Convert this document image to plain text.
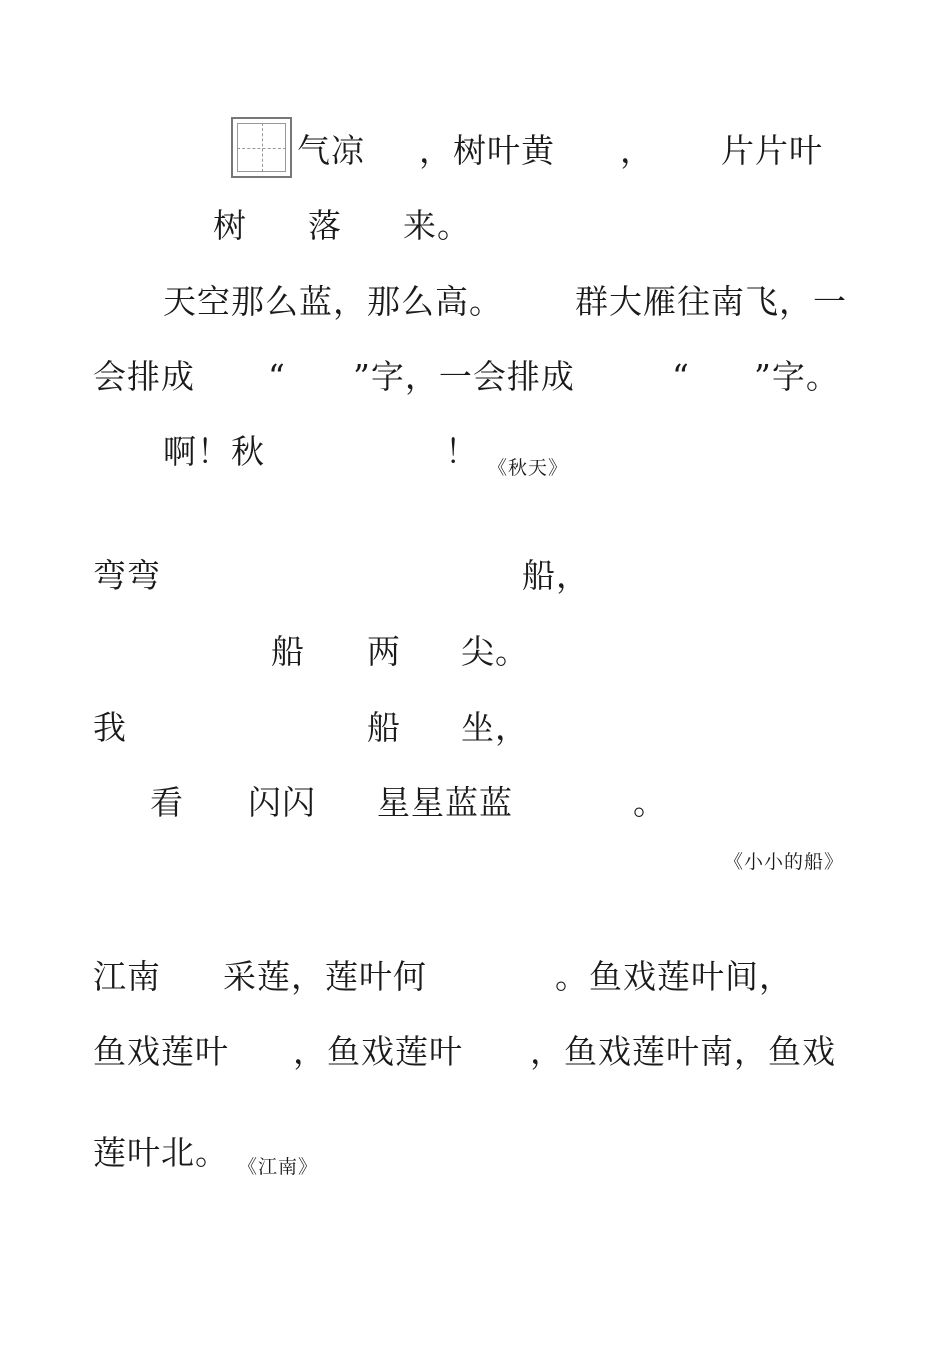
气凉 ，树叶黄 ， 片片叶
树 落 来。
天空那么蓝，那么高。 群大雁往南飞，一
会排成 “ ”字，一会排成	“ ”字。
啊！秋	！ 《秋天》
弯弯	船，
船 两 尖。
我	船 坐，
看 闪闪 星星蓝蓝	。
《小小的船》
江南 采莲，莲叶何	。鱼戏莲叶间，
鱼戏莲叶 ，鱼戏莲叶 ，鱼戏莲叶南，鱼戏
莲叶北。 《江南》
